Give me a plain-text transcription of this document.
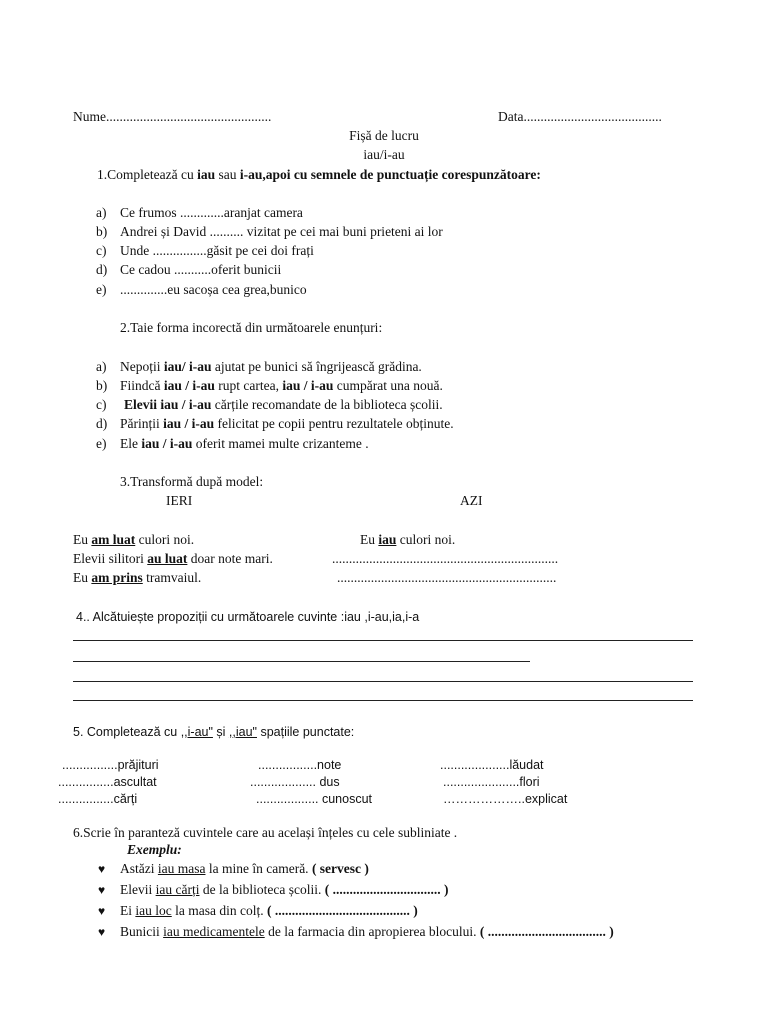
Nume.................................................	Data.........................................
Fișă de lucru
iau/i-au
1.Completează cu iau sau i-au,apoi cu semnele de punctuație corespunzătoare:
a) Ce frumos .............aranjat camera
b) Andrei și David .......... vizitat pe cei mai buni prieteni ai lor
c) Unde ................găsit pe cei doi frați
d) Ce cadou ...........oferit bunicii
e) ..............eu sacoșa cea grea,bunico
2.Taie forma incorectă din următoarele enunțuri:
a) Nepoții iau/ i-au ajutat pe bunici să îngrijească grădina.
b) Fiindcă iau / i-au rupt cartea, iau / i-au cumpărat una nouă.
c) Elevii iau / i-au cărțile recomandate de la biblioteca școlii.
d) Părinții iau / i-au felicitat pe copii pentru rezultatele obținute.
e) Ele iau / i-au oferit mamei multe crizanteme .
3.Transformă după model:
IERI	AZI
Eu am luat culori noi.	Eu iau culori noi.
Elevii silitori au luat doar note mari.	...................................................................
Eu am prins tramvaiul.	.................................................................
4.. Alcătuiește propoziții cu următoarele cuvinte :iau ,i-au,ia,i-a
5. Completează cu ,,i-au" și ,,iau" spațiile punctate:
................prăjituri	.................note	....................lăudat
................ascultat	................... dus	......................flori
................cărți	.................. cunoscut	………………..explicat
6.Scrie în paranteză cuvintele care au același înțeles cu cele subliniate .
Exemplu:
♥ Astăzi iau masa la mine în cameră. ( servesc )
♥ Elevii iau cărți de la biblioteca școlii. ( ................................ )
♥ Ei iau loc la masa din colț. ( ........................................ )
♥ Bunicii iau medicamentele de la farmacia din apropierea blocului. ( ................................... )
